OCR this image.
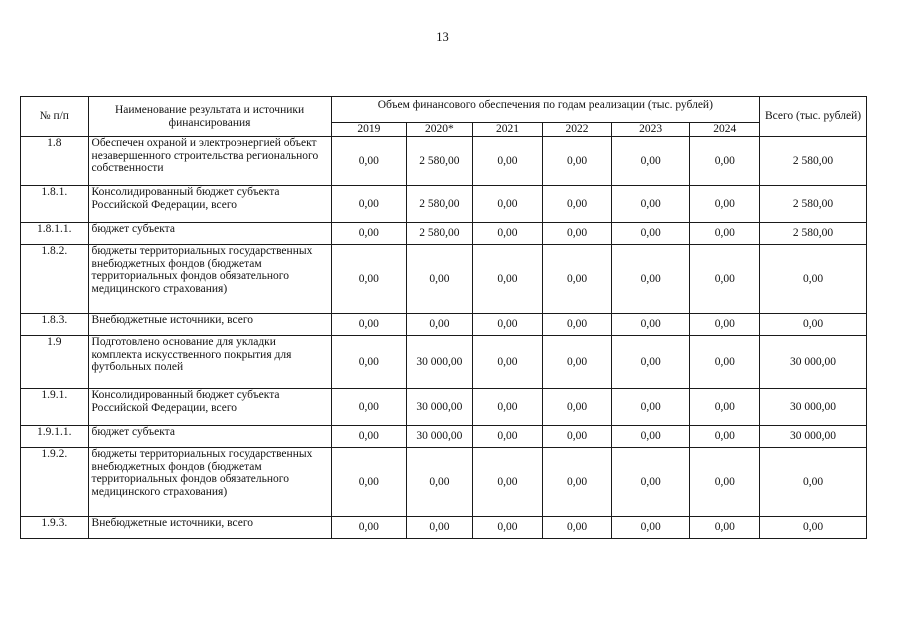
13
№ п/п	Наименование результата и источники финансирования	Объем финансового обеспечения по годам реализации (тыс. рублей)						Всего (тыс. рублей)
		2019	2020*	2021	2022	2023	2024	
1.8	Обеспечен охраной и электроэнергией объект незавершенного строительства регионального собственности	0,00	2 580,00	0,00	0,00	0,00	0,00	2 580,00
1.8.1.	Консолидированный бюджет субъекта Российской Федерации, всего	0,00	2 580,00	0,00	0,00	0,00	0,00	2 580,00
1.8.1.1.	бюджет субъекта	0,00	2 580,00	0,00	0,00	0,00	0,00	2 580,00
1.8.2.	бюджеты территориальных государственных внебюджетных фондов (бюджетам территориальных фондов обязательного медицинского страхования)	0,00	0,00	0,00	0,00	0,00	0,00	0,00
1.8.3.	Внебюджетные источники, всего	0,00	0,00	0,00	0,00	0,00	0,00	0,00
1.9	Подготовлено основание для укладки комплекта искусственного покрытия для футбольных полей	0,00	30 000,00	0,00	0,00	0,00	0,00	30 000,00
1.9.1.	Консолидированный бюджет субъекта Российской Федерации, всего	0,00	30 000,00	0,00	0,00	0,00	0,00	30 000,00
1.9.1.1.	бюджет субъекта	0,00	30 000,00	0,00	0,00	0,00	0,00	30 000,00
1.9.2.	бюджеты территориальных государственных внебюджетных фондов (бюджетам территориальных фондов обязательного медицинского страхования)	0,00	0,00	0,00	0,00	0,00	0,00	0,00
1.9.3.	Внебюджетные источники, всего	0,00	0,00	0,00	0,00	0,00	0,00	0,00
